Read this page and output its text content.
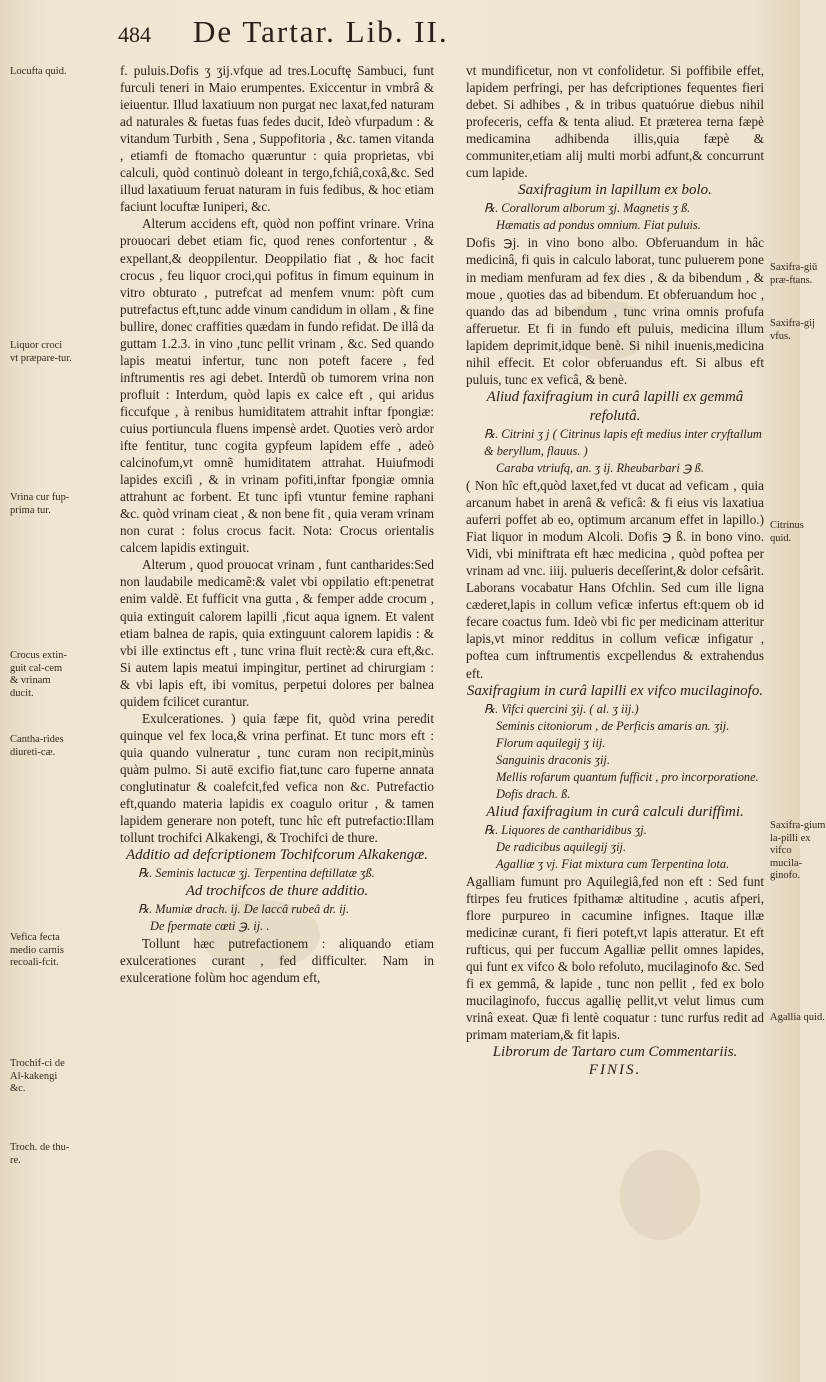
484 De Tartar. Lib. II.
Locufta quid.
Liquor croci vt præpare-tur.
Vrina cur fup-prima tur.
Crocus extin-guit cal-cem & vrinam ducit.
Cantha-rides diureti-cæ.
Vefica fecta medio carnis recoali-fcit.
Trochif-ci de Al-kakengi &c.
Troch. de thu-re.
Saxifra-giū præ-ftans.
Saxifra-gij vfus.
Citrinus quid.
Saxifra-gium la-pilli ex vifco mucila-ginofo.
Agallia quid.

f. puluis.Dofis ʒ ʒij.vfque ad tres.Locuftę Sambuci, funt furculi teneri in Maio erumpentes. Exiccentur in vmbrâ & ieiuentur. Illud laxatiuum non purgat nec laxat,fed naturam ad naturales & fuetas fuas fedes ducit, Ideò vfurpadum : & vitandum Turbith , Sena , Suppofitoria , &c. tamen vitanda , etiamfi de ftomacho quæruntur : quia proprietas, vbi calculi, quòd continuò doleant in tergo,fchiâ,coxâ,&c. Sed illud laxatiuum feruat naturam in fuis fedibus, & hoc etiam faciunt locuftæ Iuniperi, &c.

Alterum accidens eft, quòd non poffint vrinare. Vrina prouocari debet etiam fic, quod renes confortentur , & expellant,& deoppilentur. Deoppilatio fiat , & hoc facit crocus , feu liquor croci,qui pofitus in fimum equinum in vitro obturato , putrefcat ad menfem vnum: pòft cum putrefactus eft,tunc adde vinum candidum in ollam , & fine bullire, donec craffities quædam in fundo refidat. De illâ da guttam 1.2.3. in vino ,tunc pellit vrinam , &c. Sed quando lapis meatui infertur, tunc non poteft facere , fed inftrumentis res agi debet. Interdũ ob tumorem vrina non profluit : Interdum, quòd lapis ex calce eft , qui aridus ficcufque , à renibus humiditatem attrahit inftar fpongiæ: cuius portiuncula fluens impensè ardet. Quoties verò ardor ifte fentitur, tunc cogita gypfeum lapidem effe , adeò calcinofum,vt omnẽ humiditatem attrahat. Huiufmodi lapides exciſi , & in vrinam pofiti,inftar fpongiæ omnia attrahunt ac forbent. Et tunc ipfi vtuntur femine raphani &c. quòd vrinam cieat , & non bene fit , quia veram vrinam non curat : folus crocus facit. Nota: Crocus orientalis calcem lapidis extinguit.

Alterum , quod prouocat vrinam , funt cantharides:Sed non laudabile medicamẽ:& valet vbi oppilatio eft:penetrat enim valdè. Et fufficit vna gutta , & femper adde crocum , quia extinguit calorem lapilli ,ficut aqua ignem. Et valent etiam balnea de rapis, quia extinguunt calorem lapidis : & vbi ille extinctus eft , tunc vrina fluit rectè:& cura eft,&c. Si autem lapis meatui impingitur, pertinet ad chirurgiam : & vbi lapis eft, ibi vomitus, perpetui dolores per balnea quidem fcilicet curantur.

Exulcerationes. ) quia fæpe fit, quòd vrina peredit quinque vel fex loca,& vrina perfinat. Et tunc mors eft : quia quando vulneratur , tunc curam non recipit,minùs quàm pulmo. Si autē excifio fiat,tunc caro fuperne annata conglutinatur & coalefcit,fed vefica non &c. Putrefactio eft,quando materia lapidis ex coagulo oritur , & tamen lapidem generare non poteft, tunc hîc eft putrefactio:Illam tollunt trochifci Alkakengi, & Trochifci de thure.

Additio ad defcriptionem Tochifcorum Alkakengæ.

℞. Seminis lactucæ ʒj. Terpentina deftillatæ ʒß.

Ad trochifcos de thure additio.

℞. Mumiæ drach. ij. De laccâ rubeâ dr. ij.

De fpermate cœti ℈. ij. .

Tollunt hæc putrefactionem : aliquando etiam exulcerationes curant , fed difficulter. Nam in exulceratione folùm hoc agendum eft,

vt mundificetur, non vt confolidetur. Si poffibile effet, lapidem perfringi, per has defcriptiones fequentes fieri debet. Si adhibes , & in tribus quatuórue diebus nihil profeceris, ceffa & tenta aliud. Et præterea terna fæpè medicamina adhibenda illis,quia fæpè & communiter,etiam alij multi morbi adfunt,& concurrunt cum lapide.

Saxifragium in lapillum ex bolo.

℞. Corallorum alborum ʒj. Magnetis ʒ ß.

Hæmatis ad pondus omnium. Fiat puluis.

Dofis ℈j. in vino bono albo. Obferuandum in hâc medicinâ, fi quis in calculo laborat, tunc puluerem pone in mediam menfuram ad fex dies , & da bibendum , & moue , quoties das ad bibendum. Et obferuandum hoc , quando das ad bibendum , tunc vrina omnis profufa afferuetur. Et fi in fundo eft puluis, medicina illum lapidem deprimit,idque benè. Si nihil inuenis,medicina nihil effecit. Et color obferuandus eft. Si albus eft puluis, tunc ex veficâ, & benè.

Aliud faxifragium in curâ lapilli ex gemmâ refolutâ.

℞. Citrini ʒ j ( Citrinus lapis eft medius inter cryftallum & beryllum, flauus. )

Caraba vtriufq, an. ʒ ij. Rheubarbari ℈ ß.

( Non hîc eft,quòd laxet,fed vt ducat ad veficam , quia arcanum habet in arenâ & veficâ: & fi eius vis laxatiua auferri poffet ab eo, optimum arcanum effet in lapillo.) Fiat liquor in modum Alcoli. Dofis ℈ ß. in bono vino. Vidi, vbi miniftrata eft hæc medicina , quòd poftea per vrinam ad vnc. iiij. pulueris deceſſerint,& dolor cefsârit. Laborans vocabatur Hans Ofchlin. Sed cum ille ligna cæderet,lapis in collum veficæ infertus eft:quem ob id fecare coactus fum. Ideò vbi fic per medicinam atteritur lapis,vt minor redditus in collum veficæ infigatur , poftea cum inftrumentis excpellendus & extrahendus eft.

Saxifragium in curâ lapilli ex vifco mucilaginofo.

℞. Vifci quercini ʒij. ( al. ʒ iij.)

Seminis citoniorum , de Perficis amaris an. ʒij.

Florum aquilegij ʒ iij.

Sanguinis draconis ʒij.

Mellis rofarum quantum fufficit , pro incorporatione. Dofis drach. ß.

Aliud faxifragium in curâ calculi duriffimi.

℞. Liquores de cantharidibus ʒj.

De radicibus aquilegij ʒij.

Agalliæ ʒ vj. Fiat mixtura cum Terpentina lota.

Agalliam fumunt pro Aquilegiâ,fed non eft : Sed funt ftirpes feu frutices fpithamæ altitudine , acutis afperi, flore purpureo in cacumine infignes. Itaque illæ medicinæ curant, fi fieri poteft,vt lapis atteratur. Et eft rufticus, qui per fuccum Agalliæ pellit omnes lapides, qui funt ex vifco & bolo refoluto, mucilaginofo &c. Sed fi ex gemmâ, & lapide , tunc non pellit , fed ex bolo mucilaginofo, fuccus agallię pellit,vt velut limus cum vrinâ exeat. Quæ fi lentè coquatur : tunc rurfus redit ad primam materiam,& fit lapis.

Librorum de Tartaro cum Commentariis.

FINIS.
